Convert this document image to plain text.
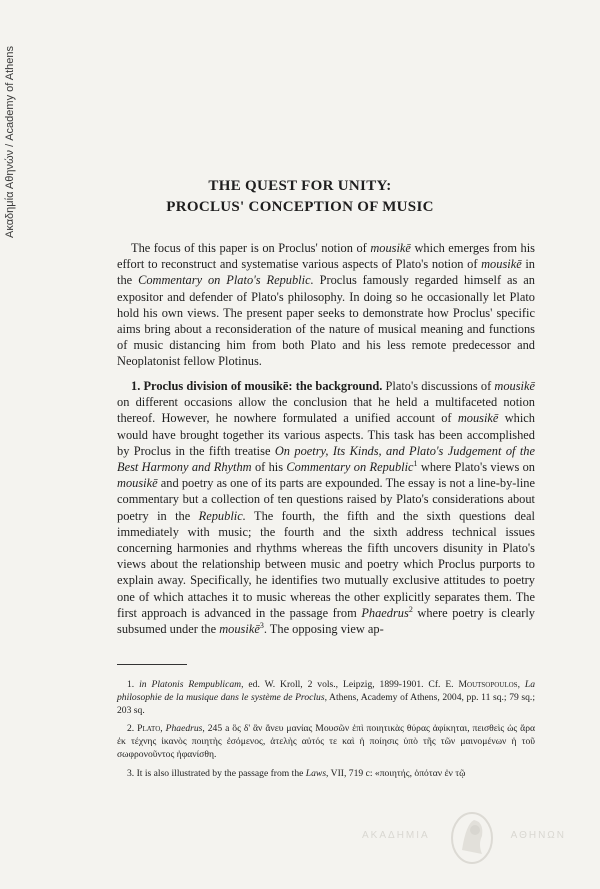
Ακαδημία Αθηνών / Academy of Athens	THE QUEST FOR UNITY:
PROCLUS' CONCEPTION OF MUSIC
The focus of this paper is on Proclus' notion of mousikē which emerges from his effort to reconstruct and systematise various aspects of Plato's notion of mousikē in the Commentary on Plato's Republic. Proclus famously regarded himself as an expositor and defender of Plato's philosophy. In doing so he occasionally let Plato hold his own views. The present paper seeks to demonstrate how Proclus' specific aims bring about a reconsideration of the nature of musical meaning and functions of music distancing him from both Plato and his less remote predecessor and Neoplatonist fellow Plotinus.
1. Proclus division of mousikē: the background. Plato's discussions of mousikē on different occasions allow the conclusion that he held a multifaceted notion thereof. However, he nowhere formulated a unified account of mousikē which would have brought together its various aspects. This task has been accomplished by Proclus in the fifth treatise On poetry, Its Kinds, and Plato's Judgement of the Best Harmony and Rhythm of his Commentary on Republic$^1$ where Plato's views on mousikē and poetry as one of its parts are expounded. The essay is not a line-by-line commentary but a collection of ten questions raised by Plato's considerations about poetry in the Republic. The fourth, the fifth and the sixth questions deal immediately with music; the fourth and the sixth address technical issues concerning harmonies and rhythms whereas the fifth uncovers disunity in Plato's views about the relationship between music and poetry which Proclus purports to explain away. Specifically, he identifies two mutually exclusive attitudes to poetry one of which attaches it to music whereas the other explicitly separates them. The first approach is advanced in the passage from Phaedrus$^2$ where poetry is clearly subsumed under the mousikē$^3$. The opposing view ap-
1. in Platonis Rempublicam, ed. W. Kroll, 2 vols., Leipzig, 1899-1901. Cf. E. Moutsopoulos, La philosophie de la musique dans le système de Proclus, Athens, Academy of Athens, 2004, pp. 11 sq.; 79 sq.; 203 sq.
2. Plato, Phaedrus, 245 a ὃς δ' ἂν ἄνευ μανίας Μουσῶν ἐπὶ ποιητικὰς θύρας ἀφίκηται, πεισθεὶς ὡς ἄρα ἐκ τέχνης ἱκανὸς ποιητὴς ἐσόμενος, ἀτελὴς αὐτός τε καὶ ἡ ποίησις ὑπὸ τῆς τῶν μαινομένων ἡ τοῦ σωφρονοῦντος ἠφανίσθη.
3. It is also illustrated by the passage from the Laws, VII, 719 c: «ποιητής, ὁπόταν ἐν τῷ
ΑΚΑΔΗΜΙΑ	ΑΘΗΝΩΝ
